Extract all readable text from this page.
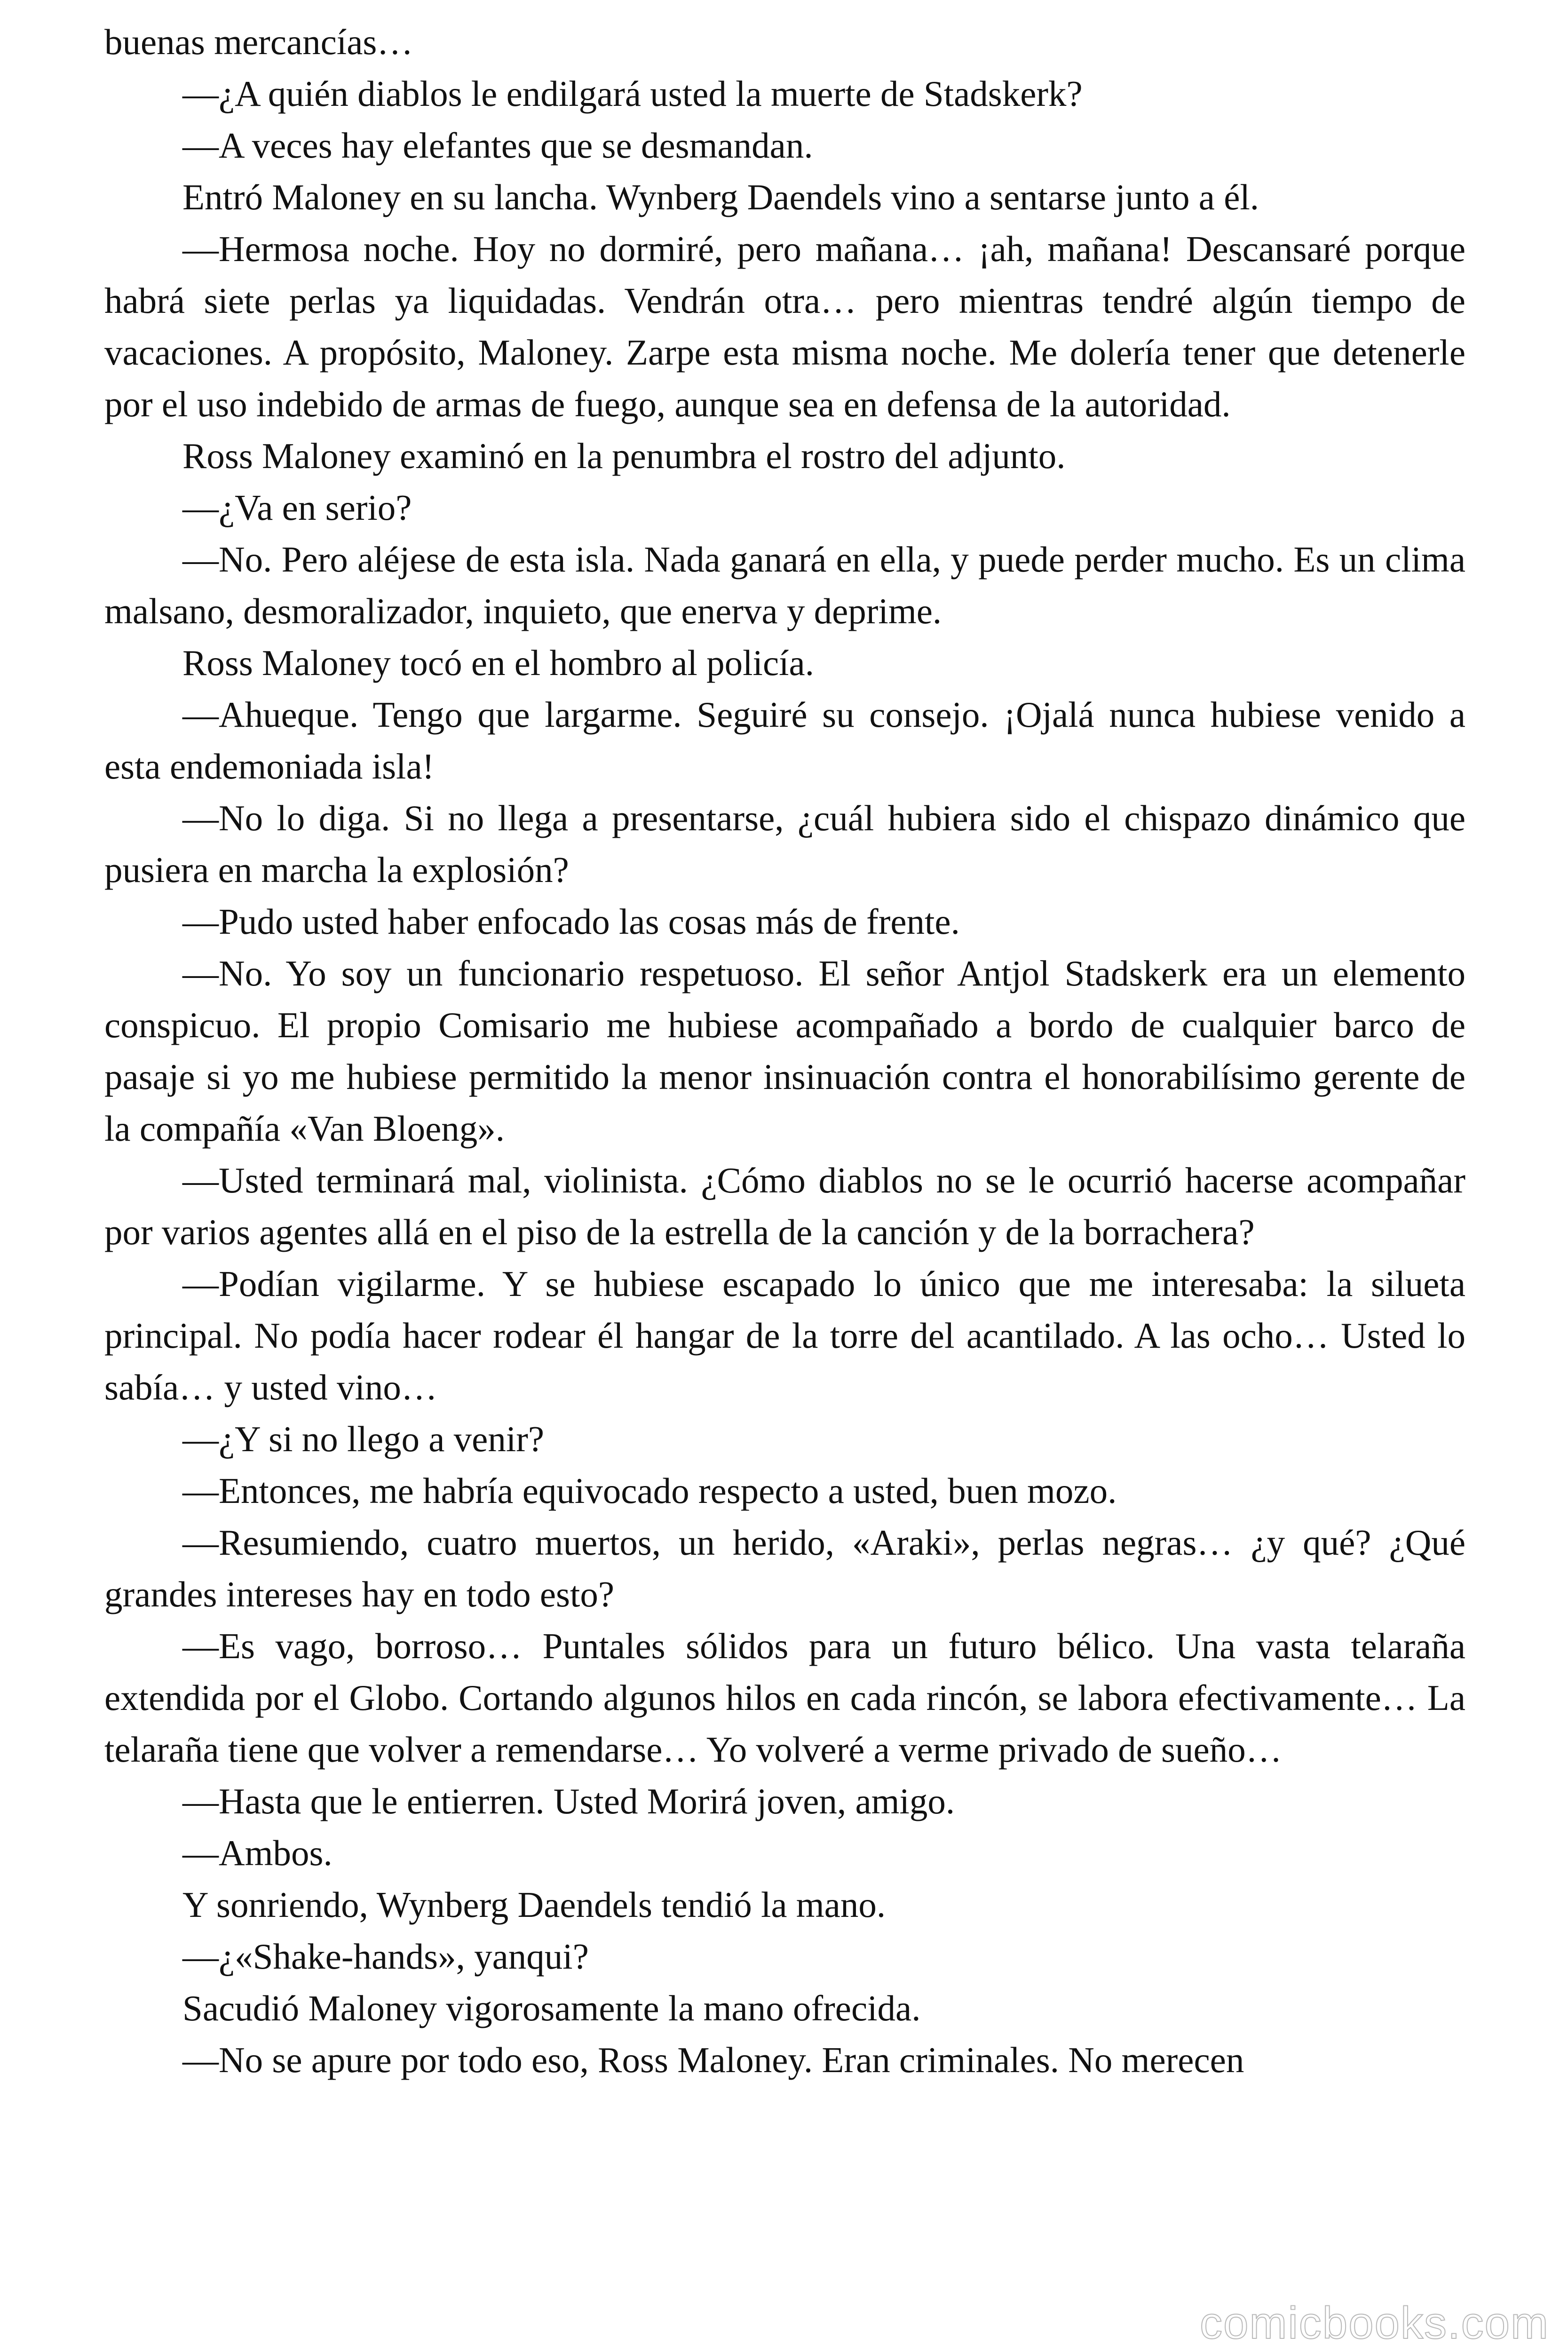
buenas mercancías…

—¿A quién diablos le endilgará usted la muerte de Stadskerk?

—A veces hay elefantes que se desmandan.

Entró Maloney en su lancha. Wynberg Daendels vino a sentarse junto a él.

—Hermosa noche. Hoy no dormiré, pero mañana… ¡ah, mañana! Descansaré porque habrá siete perlas ya liquidadas. Vendrán otra… pero mientras tendré algún tiempo de vacaciones. A propósito, Maloney. Zarpe esta misma noche. Me dolería tener que detenerle por el uso indebido de armas de fuego, aunque sea en defensa de la autoridad.

Ross Maloney examinó en la penumbra el rostro del adjunto.

—¿Va en serio?

—No. Pero aléjese de esta isla. Nada ganará en ella, y puede perder mucho. Es un clima malsano, desmoralizador, inquieto, que enerva y deprime.

Ross Maloney tocó en el hombro al policía.

—Ahueque. Tengo que largarme. Seguiré su consejo. ¡Ojalá nunca hubiese venido a esta endemoniada isla!

—No lo diga. Si no llega a presentarse, ¿cuál hubiera sido el chispazo dinámico que pusiera en marcha la explosión?

—Pudo usted haber enfocado las cosas más de frente.

—No. Yo soy un funcionario respetuoso. El señor Antjol Stadskerk era un elemento conspicuo. El propio Comisario me hubiese acompañado a bordo de cualquier barco de pasaje si yo me hubiese permitido la menor insinuación contra el honorabilísimo gerente de la compañía «Van Bloeng».

—Usted terminará mal, violinista. ¿Cómo diablos no se le ocurrió hacerse acompañar por varios agentes allá en el piso de la estrella de la canción y de la borrachera?

—Podían vigilarme. Y se hubiese escapado lo único que me interesaba: la silueta principal. No podía hacer rodear él hangar de la torre del acantilado. A las ocho… Usted lo sabía… y usted vino…

—¿Y si no llego a venir?

—Entonces, me habría equivocado respecto a usted, buen mozo.

—Resumiendo, cuatro muertos, un herido, «Araki», perlas negras… ¿y qué? ¿Qué grandes intereses hay en todo esto?

—Es vago, borroso… Puntales sólidos para un futuro bélico. Una vasta telaraña extendida por el Globo. Cortando algunos hilos en cada rincón, se labora efectivamente… La telaraña tiene que volver a remendarse… Yo volveré a verme privado de sueño…

—Hasta que le entierren. Usted Morirá joven, amigo.

—Ambos.

Y sonriendo, Wynberg Daendels tendió la mano.

—¿«Shake-hands», yanqui?

Sacudió Maloney vigorosamente la mano ofrecida.

—No se apure por todo eso, Ross Maloney. Eran criminales. No merecen

comicbooks.com
